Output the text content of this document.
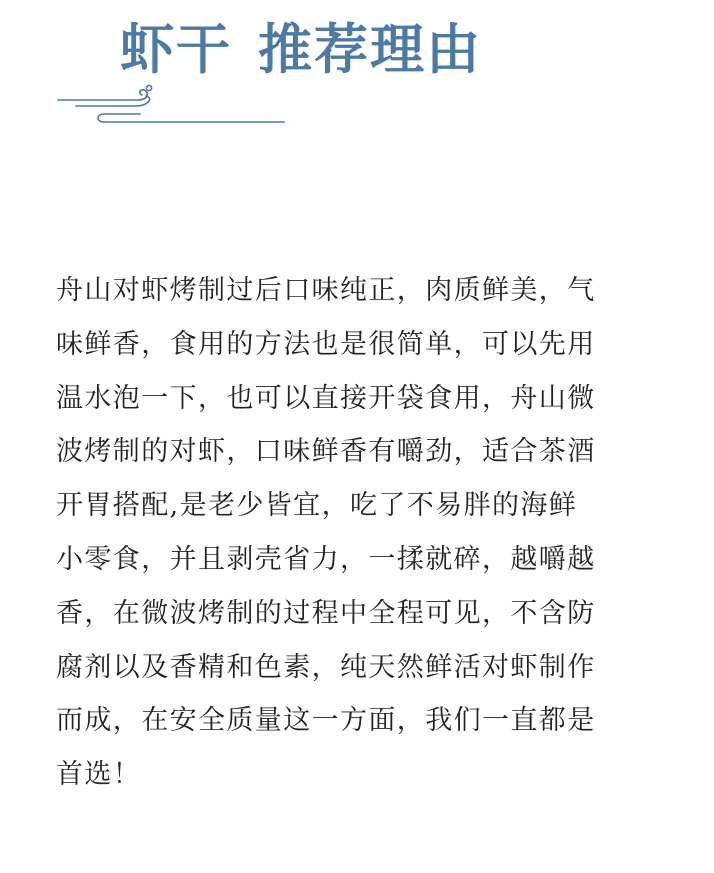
虾干 推荐理由
舟山对虾烤制过后口味纯正，肉质鲜美，气
味鲜香，食用的方法也是很简单，可以先用
温水泡一下，也可以直接开袋食用，舟山微
波烤制的对虾，口味鲜香有嚼劲，适合茶酒
开胃搭配,是老少皆宜，吃了不易胖的海鲜
小零食，并且剥壳省力，一揉就碎，越嚼越
香，在微波烤制的过程中全程可见，不含防
腐剂以及香精和色素，纯天然鲜活对虾制作
而成，在安全质量这一方面，我们一直都是
首选！
